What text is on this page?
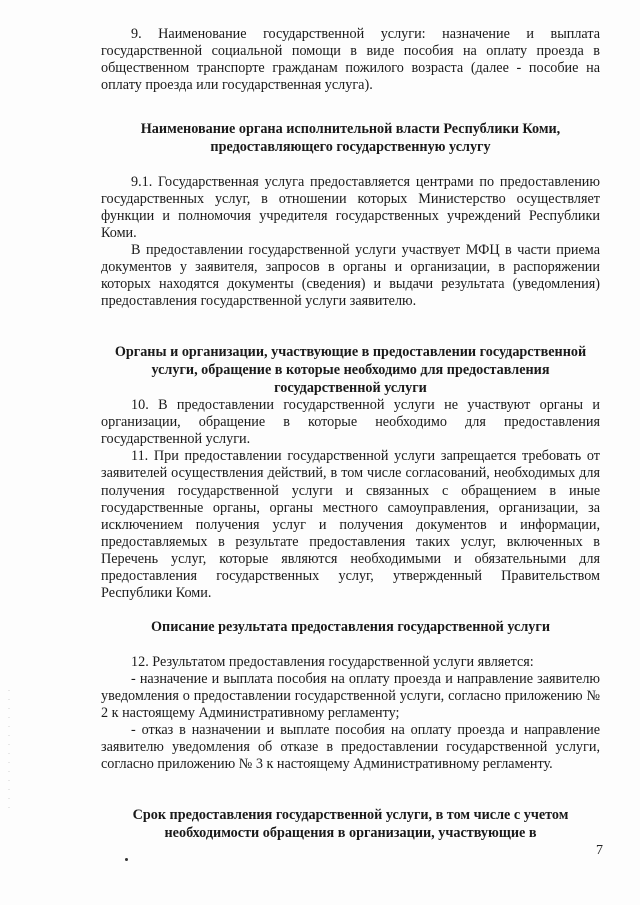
9. Наименование государственной услуги: назначение и выплата государственной социальной помощи в виде пособия на оплату проезда в общественном транспорте гражданам пожилого возраста (далее - пособие на оплату проезда или государственная услуга).

Наименование органа исполнительной власти Республики Коми, предоставляющего государственную услугу

9.1. Государственная услуга предоставляется центрами по предоставлению государственных услуг, в отношении которых Министерство осуществляет функции и полномочия учредителя государственных учреждений Республики Коми.

В предоставлении государственной услуги участвует МФЦ в части приема документов у заявителя, запросов в органы и организации, в распоряжении которых находятся документы (сведения) и выдачи результата (уведомления) предоставления государственной услуги заявителю.

Органы и организации, участвующие в предоставлении государственной услуги, обращение в которые необходимо для предоставления государственной услуги

10. В предоставлении государственной услуги не участвуют органы и организации, обращение в которые необходимо для предоставления государственной услуги.

11. При предоставлении государственной услуги запрещается требовать от заявителей осуществления действий, в том числе согласований, необходимых для получения государственной услуги и связанных с обращением в иные государственные органы, органы местного самоуправления, организации, за исключением получения услуг и получения документов и информации, предоставляемых в результате предоставления таких услуг, включенных в Перечень услуг, которые являются необходимыми и обязательными для предоставления государственных услуг, утвержденный Правительством Республики Коми.

Описание результата предоставления государственной услуги

12. Результатом предоставления государственной услуги является:

- назначение и выплата пособия на оплату проезда и направление заявителю уведомления о предоставлении государственной услуги, согласно приложению № 2 к настоящему Административному регламенту;

- отказ в назначении и выплате пособия на оплату проезда и направление заявителю уведомления об отказе в предоставлении государственной услуги, согласно приложению № 3 к настоящему Административному регламенту.

Срок предоставления государственной услуги, в том числе с учетом необходимости обращения в организации, участвующие в

7
